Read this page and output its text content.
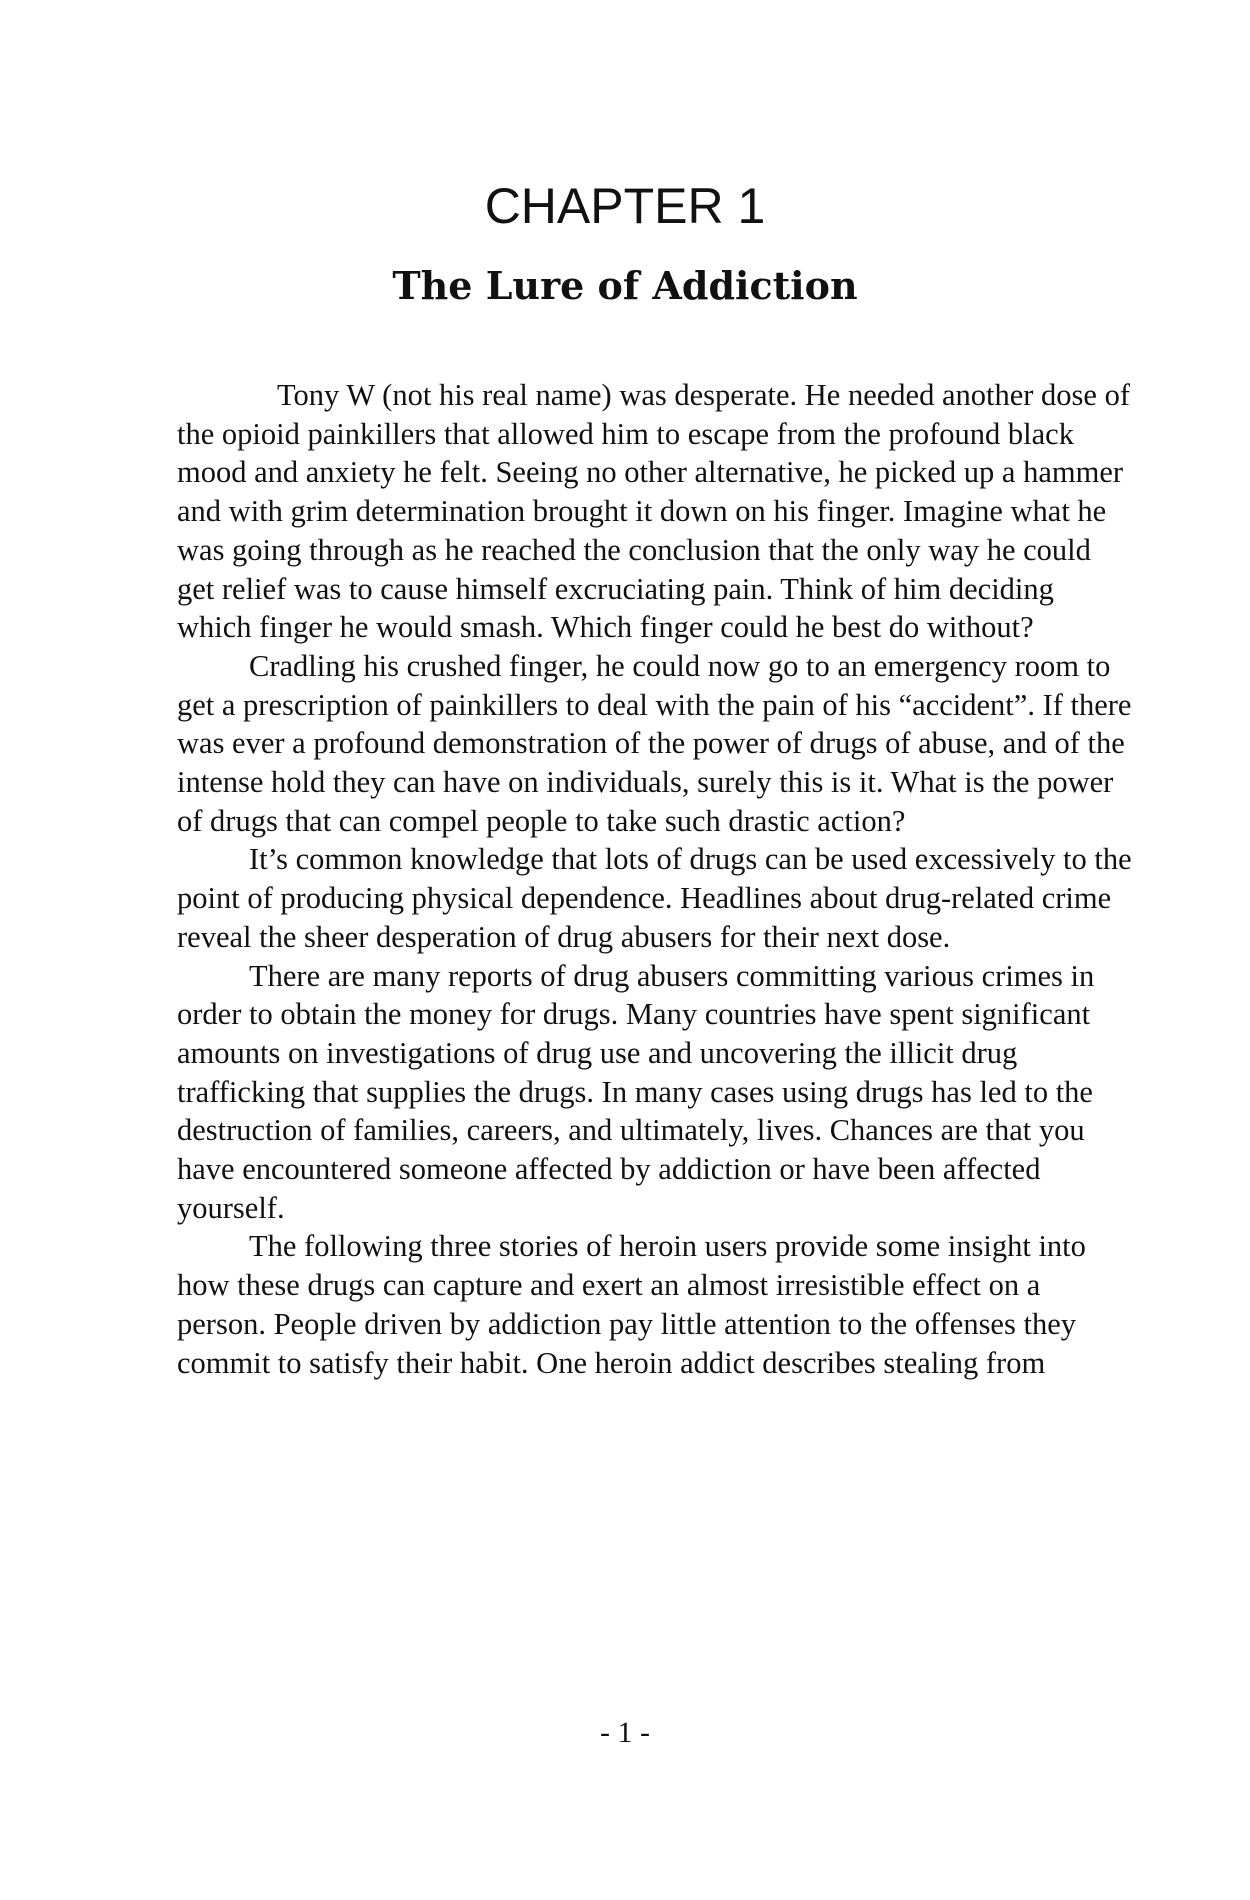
CHAPTER 1
The Lure of Addiction

Tony W (not his real name) was desperate. He needed another dose of the opioid painkillers that allowed him to escape from the profound black mood and anxiety he felt. Seeing no other alternative, he picked up a hammer and with grim determination brought it down on his finger. Imagine what he was going through as he reached the conclusion that the only way he could get relief was to cause himself excruciating pain. Think of him deciding which finger he would smash. Which finger could he best do without?

Cradling his crushed finger, he could now go to an emergency room to get a prescription of painkillers to deal with the pain of his “accident”. If there was ever a profound demonstration of the power of drugs of abuse, and of the intense hold they can have on individuals, surely this is it. What is the power of drugs that can compel people to take such drastic action?

It’s common knowledge that lots of drugs can be used excessively to the point of producing physical dependence. Headlines about drug-related crime reveal the sheer desperation of drug abusers for their next dose.

There are many reports of drug abusers committing various crimes in order to obtain the money for drugs. Many countries have spent significant amounts on investigations of drug use and uncovering the illicit drug trafficking that supplies the drugs. In many cases using drugs has led to the destruction of families, careers, and ultimately, lives. Chances are that you have encountered someone affected by addiction or have been affected yourself.

The following three stories of heroin users provide some insight into how these drugs can capture and exert an almost irresistible effect on a person. People driven by addiction pay little attention to the offenses they commit to satisfy their habit. One heroin addict describes stealing from

- 1 -
